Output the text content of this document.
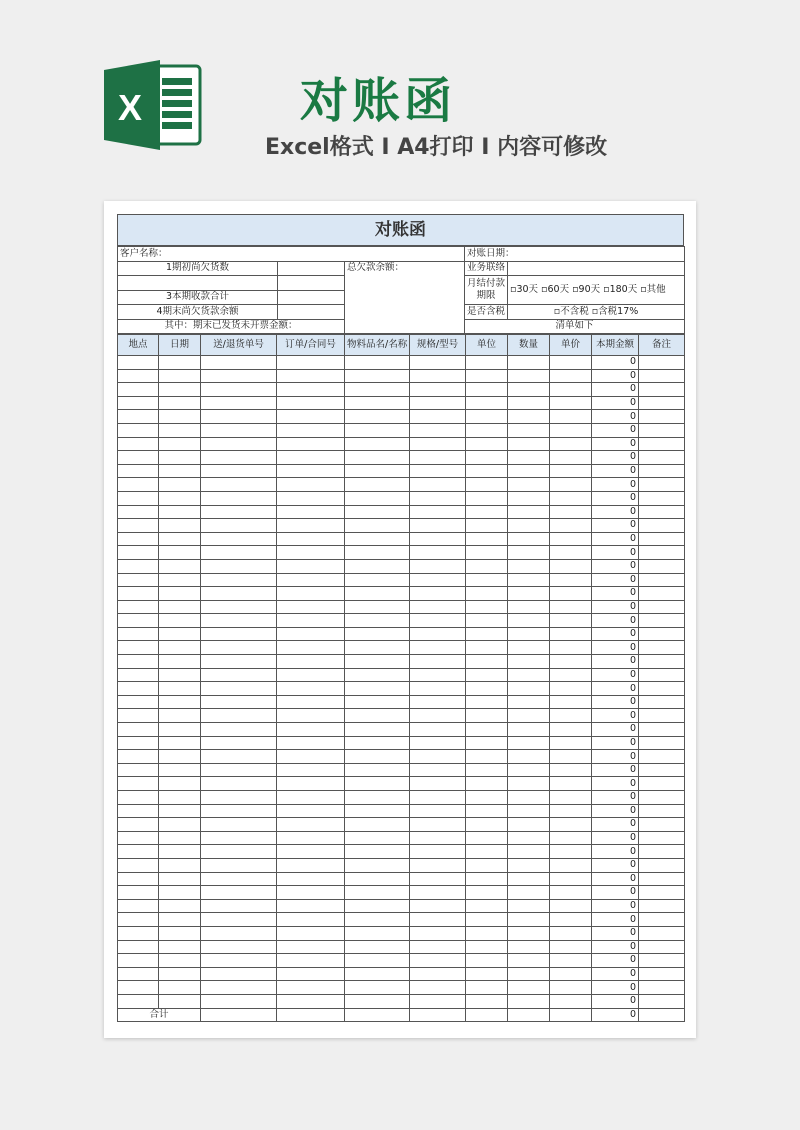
X	对账函
Excel格式 I A4打印 I 内容可修改
对账函
客户名称：			对账日期：	
1期初尚欠货数		总欠款余额：	业务联络	
			月结付款期限	▫30天 ▫60天 ▫90天 ▫180天 ▫其他
3本期收款合计				
4期末尚欠货款余额			是否含税	▫不含税 ▫含税17%
其中：期末已发货未开票金额：			清单如下	
地点	日期	送/退货单号	订单/合同号	物料品名/名称	规格/型号	单位	数量	单价	本期金额	备注
									0	
									0	
									0	
									0	
									0	
									0	
									0	
									0	
									0	
									0	
									0	
									0	
									0	
									0	
									0	
									0	
									0	
									0	
									0	
									0	
									0	
									0	
									0	
									0	
									0	
									0	
									0	
									0	
									0	
									0	
									0	
									0	
									0	
									0	
									0	
									0	
									0	
									0	
									0	
									0	
									0	
									0	
									0	
									0	
									0	
									0	
									0	
									0	
合计									0	
